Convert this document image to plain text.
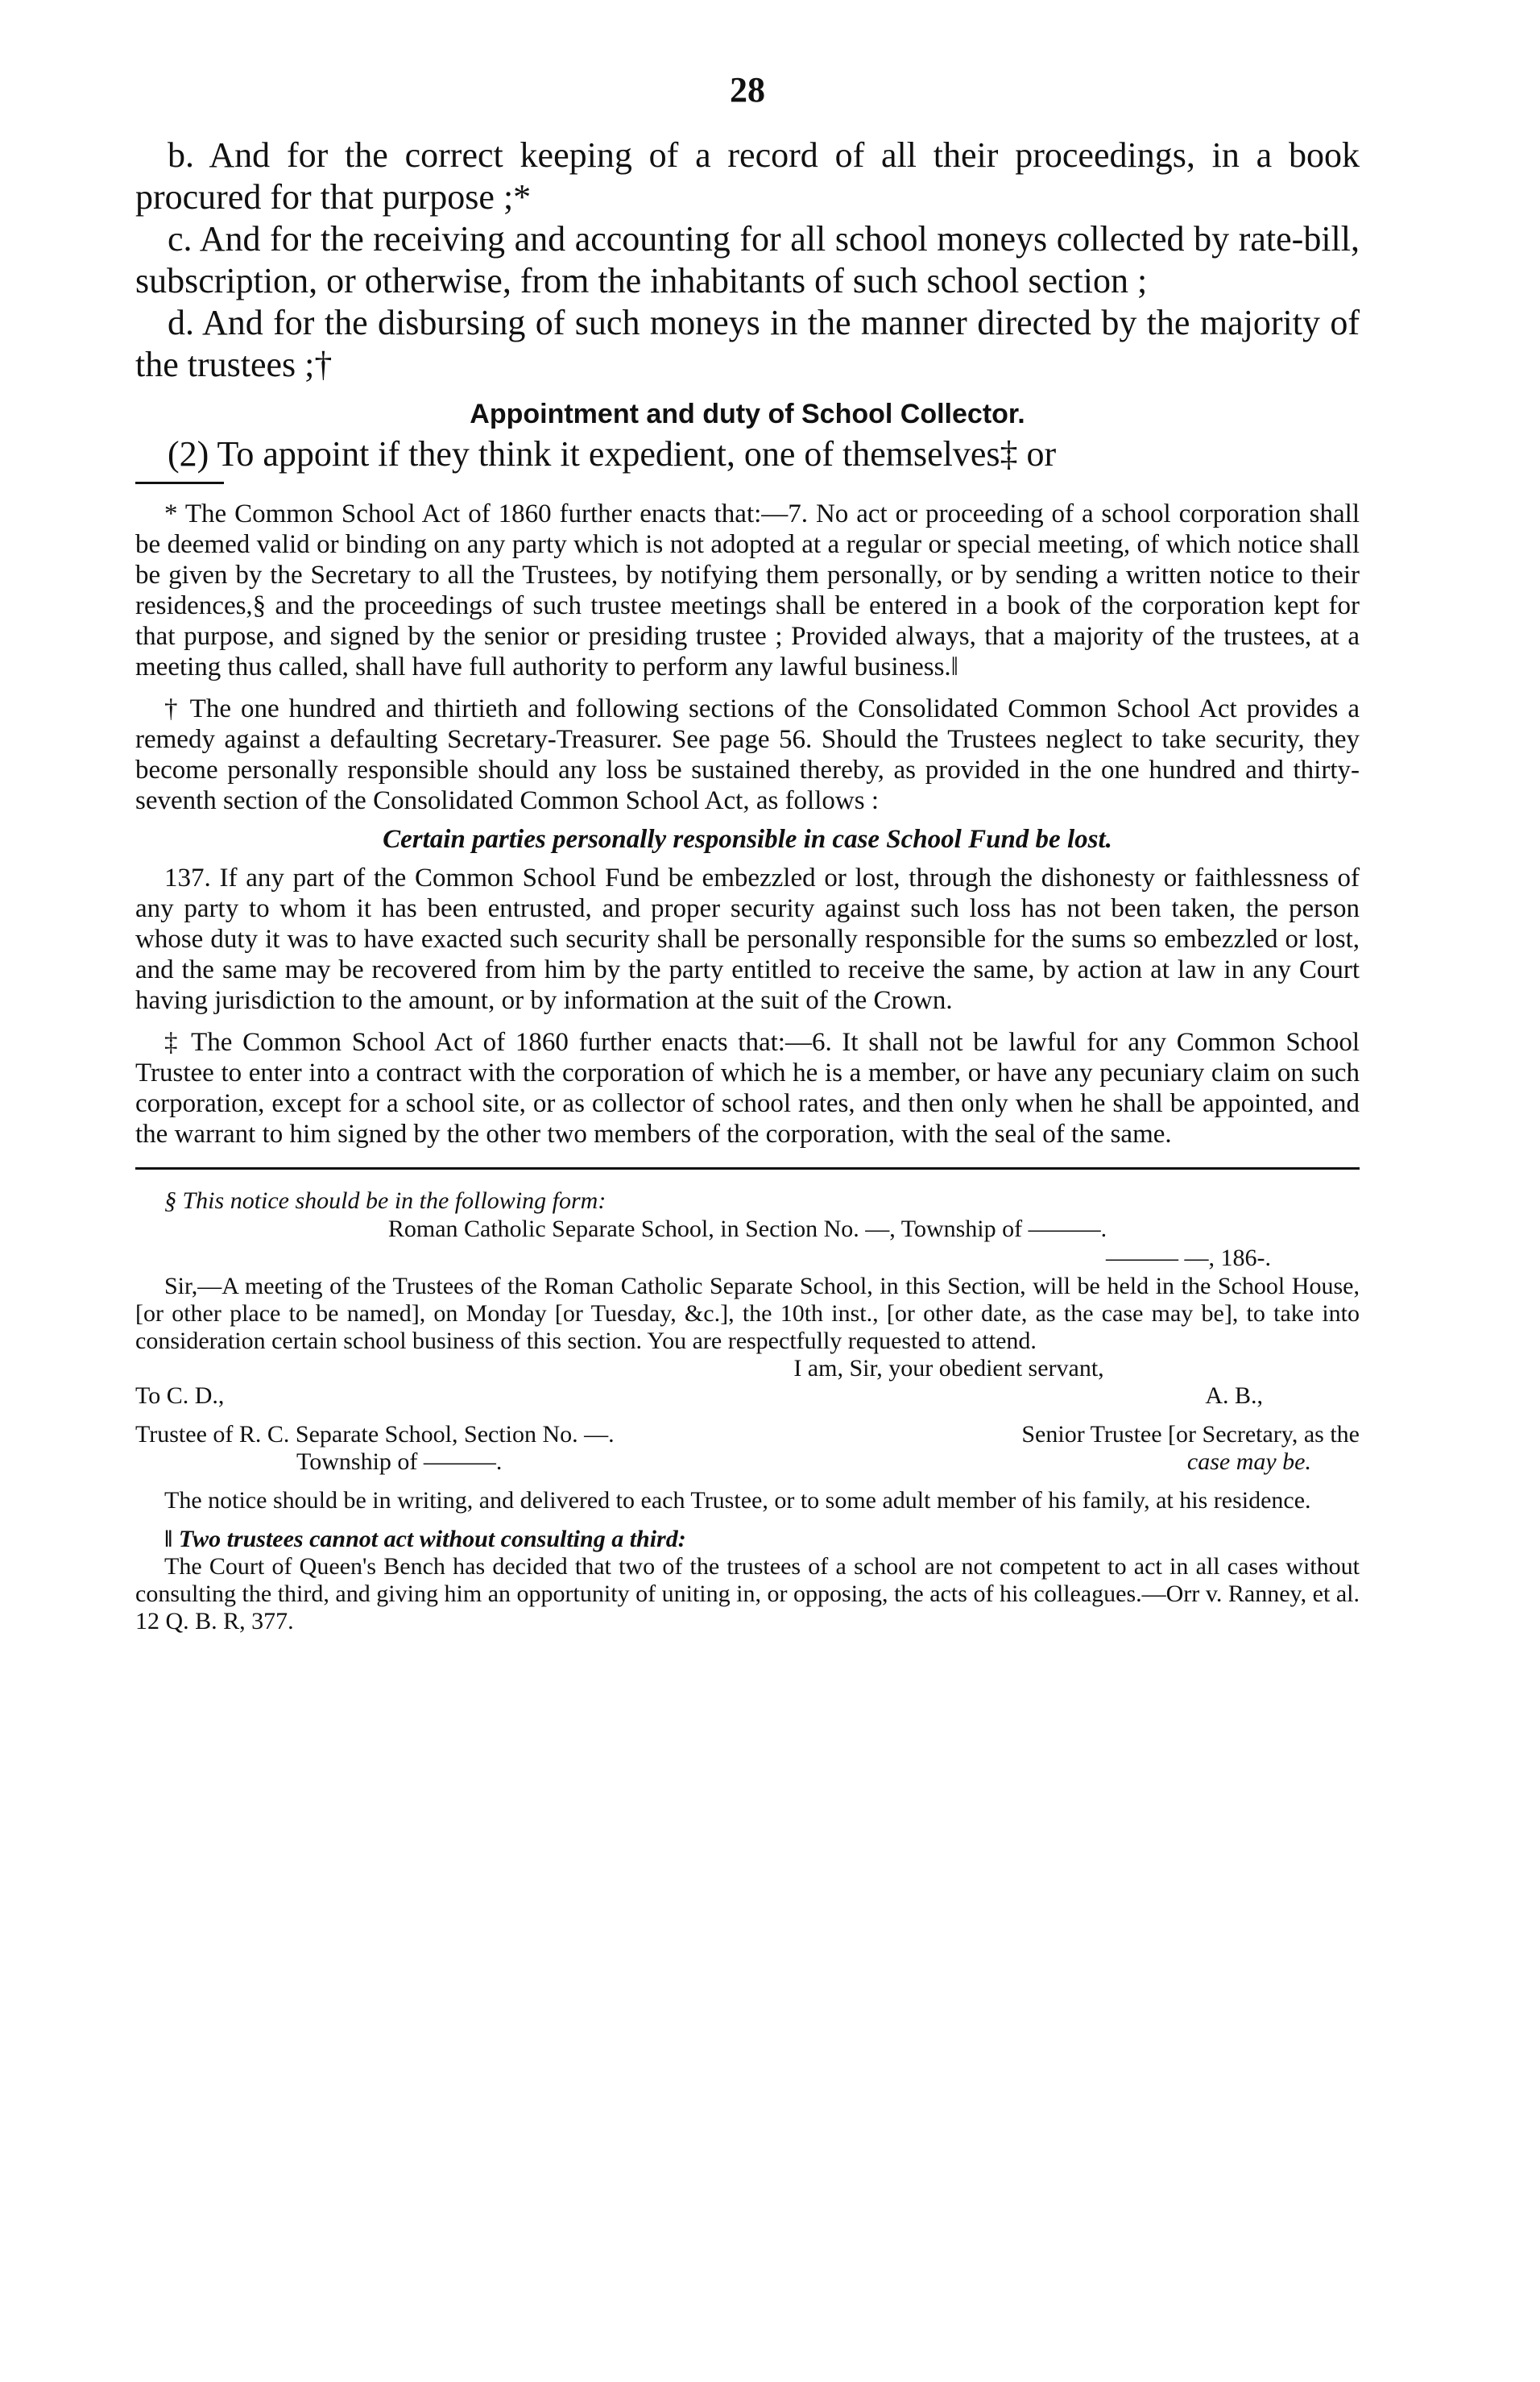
28

b. And for the correct keeping of a record of all their proceedings, in a book procured for that purpose ;*

c. And for the receiving and accounting for all school moneys collected by rate-bill, subscription, or otherwise, from the inhabitants of such school section ;

d. And for the disbursing of such moneys in the manner directed by the majority of the trustees ;†

Appointment and duty of School Collector.

(2) To appoint if they think it expedient, one of themselves‡ or

* The Common School Act of 1860 further enacts that:—7. No act or proceeding of a school corporation shall be deemed valid or binding on any party which is not adopted at a regular or special meeting, of which notice shall be given by the Secretary to all the Trustees, by notifying them personally, or by sending a written notice to their residences,§ and the proceedings of such trustee meetings shall be entered in a book of the corporation kept for that purpose, and signed by the senior or presiding trustee ; Provided always, that a majority of the trustees, at a meeting thus called, shall have full authority to perform any lawful business.‖

† The one hundred and thirtieth and following sections of the Consolidated Common School Act provides a remedy against a defaulting Secretary-Treasurer. See page 56. Should the Trustees neglect to take security, they become personally responsible should any loss be sustained thereby, as provided in the one hundred and thirty-seventh section of the Consolidated Common School Act, as follows :

Certain parties personally responsible in case School Fund be lost.

137. If any part of the Common School Fund be embezzled or lost, through the dishonesty or faithlessness of any party to whom it has been entrusted, and proper security against such loss has not been taken, the person whose duty it was to have exacted such security shall be personally responsible for the sums so embezzled or lost, and the same may be recovered from him by the party entitled to receive the same, by action at law in any Court having jurisdiction to the amount, or by information at the suit of the Crown.

‡ The Common School Act of 1860 further enacts that:—6. It shall not be lawful for any Common School Trustee to enter into a contract with the corporation of which he is a member, or have any pecuniary claim on such corporation, except for a school site, or as collector of school rates, and then only when he shall be appointed, and the warrant to him signed by the other two members of the corporation, with the seal of the same.

§ This notice should be in the following form:

Roman Catholic Separate School, in Section No. —, Township of ———.
——— —, 186-.

Sir,—A meeting of the Trustees of the Roman Catholic Separate School, in this Section, will be held in the School House, [or other place to be named], on Monday [or Tuesday, &c.], the 10th inst., [or other date, as the case may be], to take into consideration certain school business of this section. You are respectfully requested to attend.

I am, Sir, your obedient servant,
To C. D.,	A. B.,
Trustee of R. C. Separate School, Section No. —.	Senior Trustee [or Secretary, as the
Township of ———.	case may be.

The notice should be in writing, and delivered to each Trustee, or to some adult member of his family, at his residence.

‖ Two trustees cannot act without consulting a third:

The Court of Queen's Bench has decided that two of the trustees of a school are not competent to act in all cases without consulting the third, and giving him an opportunity of uniting in, or opposing, the acts of his colleagues.—Orr v. Ranney, et al. 12 Q. B. R, 377.
